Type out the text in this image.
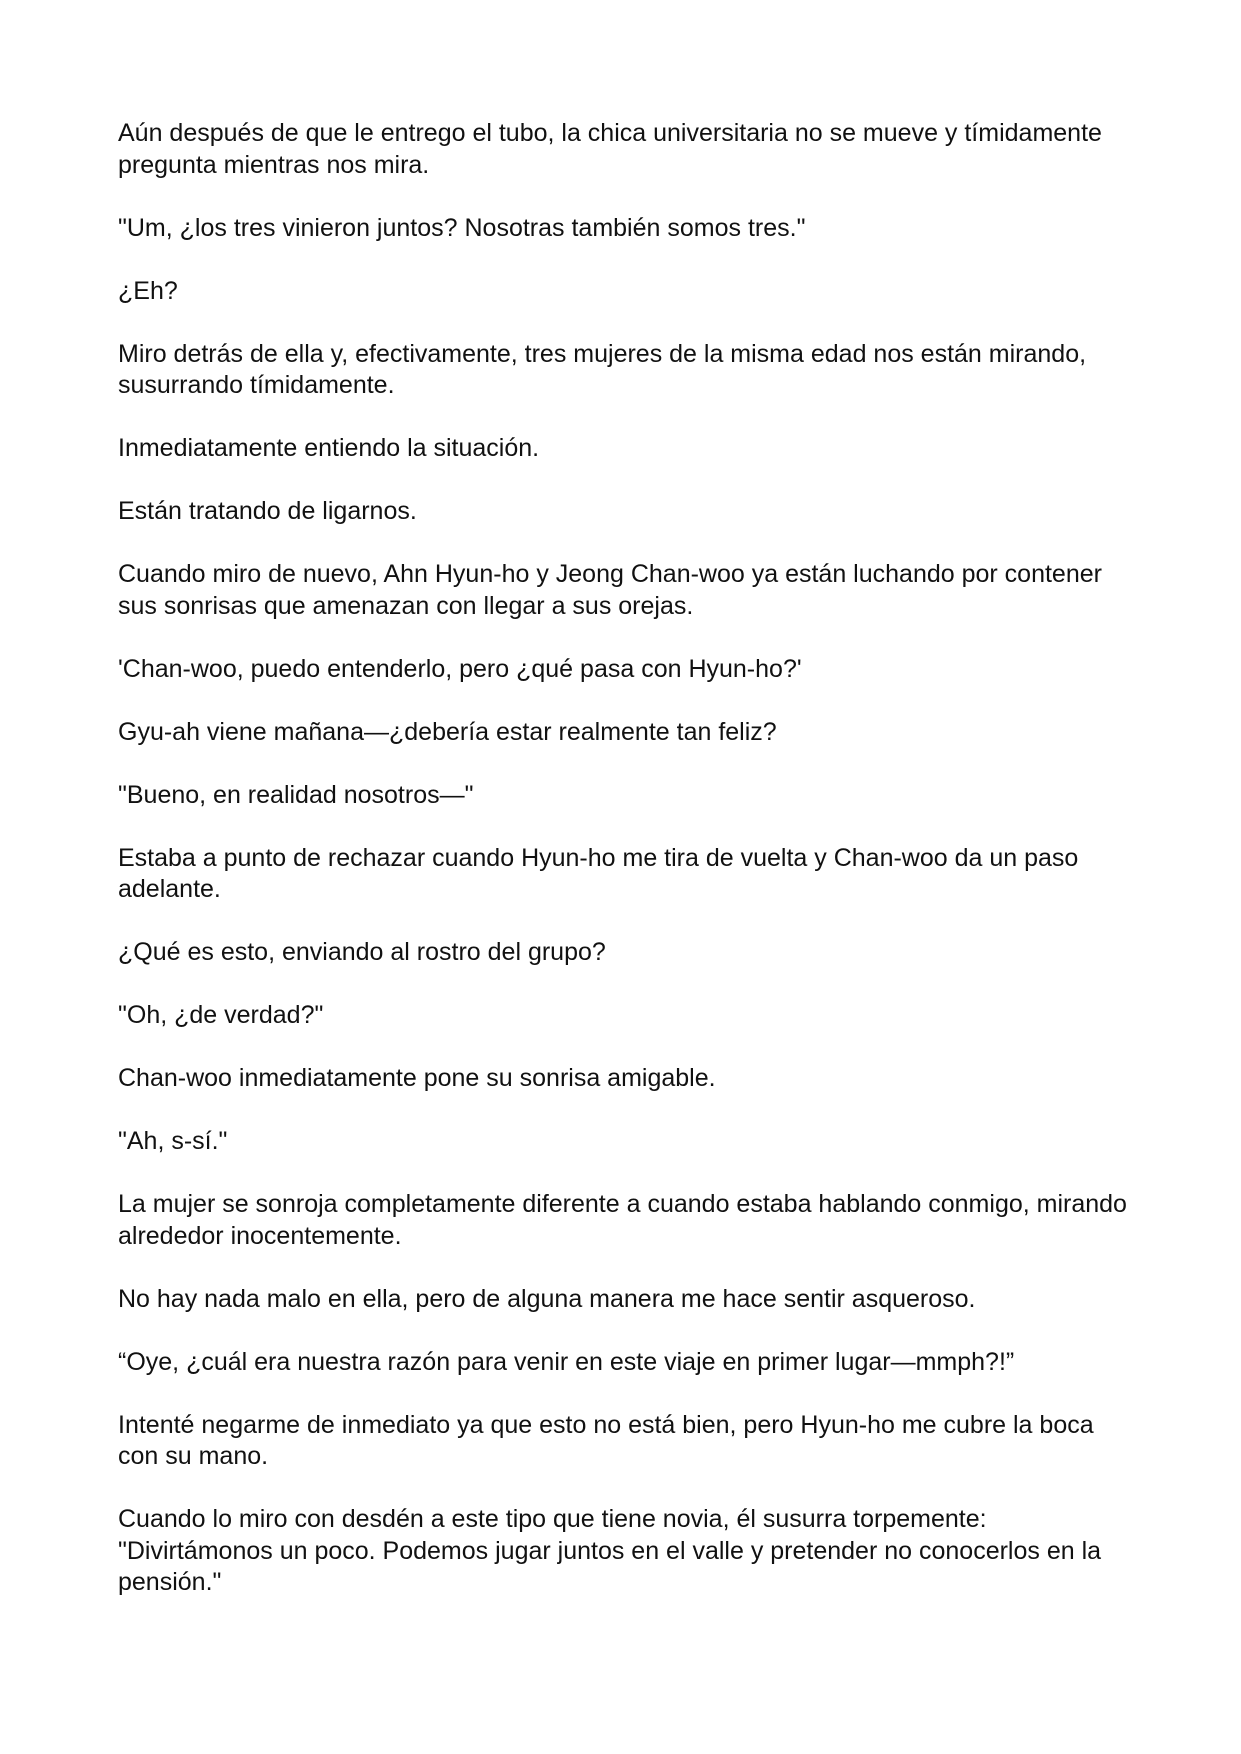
Aún después de que le entrego el tubo, la chica universitaria no se mueve y tímidamente pregunta mientras nos mira.

"Um, ¿los tres vinieron juntos? Nosotras también somos tres."

¿Eh?

Miro detrás de ella y, efectivamente, tres mujeres de la misma edad nos están mirando, susurrando tímidamente.

Inmediatamente entiendo la situación.

Están tratando de ligarnos.

Cuando miro de nuevo, Ahn Hyun-ho y Jeong Chan-woo ya están luchando por contener sus sonrisas que amenazan con llegar a sus orejas.

'Chan-woo, puedo entenderlo, pero ¿qué pasa con Hyun-ho?'

Gyu-ah viene mañana—¿debería estar realmente tan feliz?

"Bueno, en realidad nosotros—"

Estaba a punto de rechazar cuando Hyun-ho me tira de vuelta y Chan-woo da un paso adelante.

¿Qué es esto, enviando al rostro del grupo?

"Oh, ¿de verdad?"

Chan-woo inmediatamente pone su sonrisa amigable.

"Ah, s-sí."

La mujer se sonroja completamente diferente a cuando estaba hablando conmigo, mirando alrededor inocentemente.

No hay nada malo en ella, pero de alguna manera me hace sentir asqueroso.

“Oye, ¿cuál era nuestra razón para venir en este viaje en primer lugar—mmph?!”

Intenté negarme de inmediato ya que esto no está bien, pero Hyun-ho me cubre la boca con su mano.

Cuando lo miro con desdén a este tipo que tiene novia, él susurra torpemente: "Divirtámonos un poco. Podemos jugar juntos en el valle y pretender no conocerlos en la pensión."
